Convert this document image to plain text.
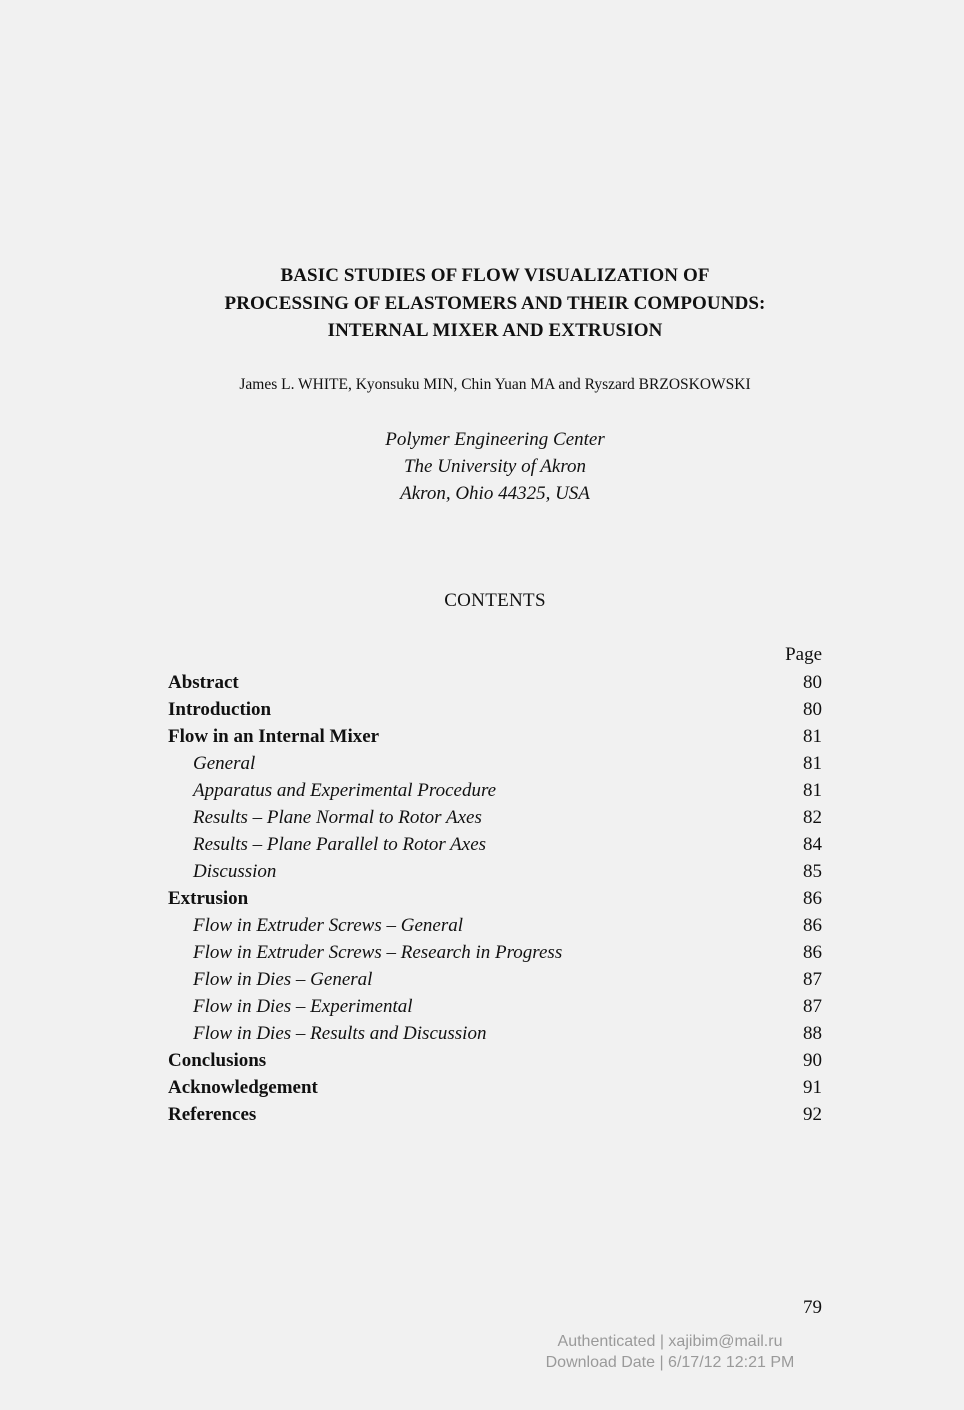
BASIC STUDIES OF FLOW VISUALIZATION OF
PROCESSING OF ELASTOMERS AND THEIR COMPOUNDS:
INTERNAL MIXER AND EXTRUSION
James L. WHITE, Kyonsuku MIN, Chin Yuan MA and Ryszard BRZOSKOWSKI
Polymer Engineering Center
The University of Akron
Akron, Ohio 44325, USA
CONTENTS
Page
Abstract	80
Introduction	80
Flow in an Internal Mixer	81
General	81
Apparatus and Experimental Procedure	81
Results – Plane Normal to Rotor Axes	82
Results – Plane Parallel to Rotor Axes	84
Discussion	85
Extrusion	86
Flow in Extruder Screws – General	86
Flow in Extruder Screws – Research in Progress	86
Flow in Dies – General	87
Flow in Dies – Experimental	87
Flow in Dies – Results and Discussion	88
Conclusions	90
Acknowledgement	91
References	92
79
Authenticated | xajibim@mail.ru
Download Date | 6/17/12 12:21 PM
